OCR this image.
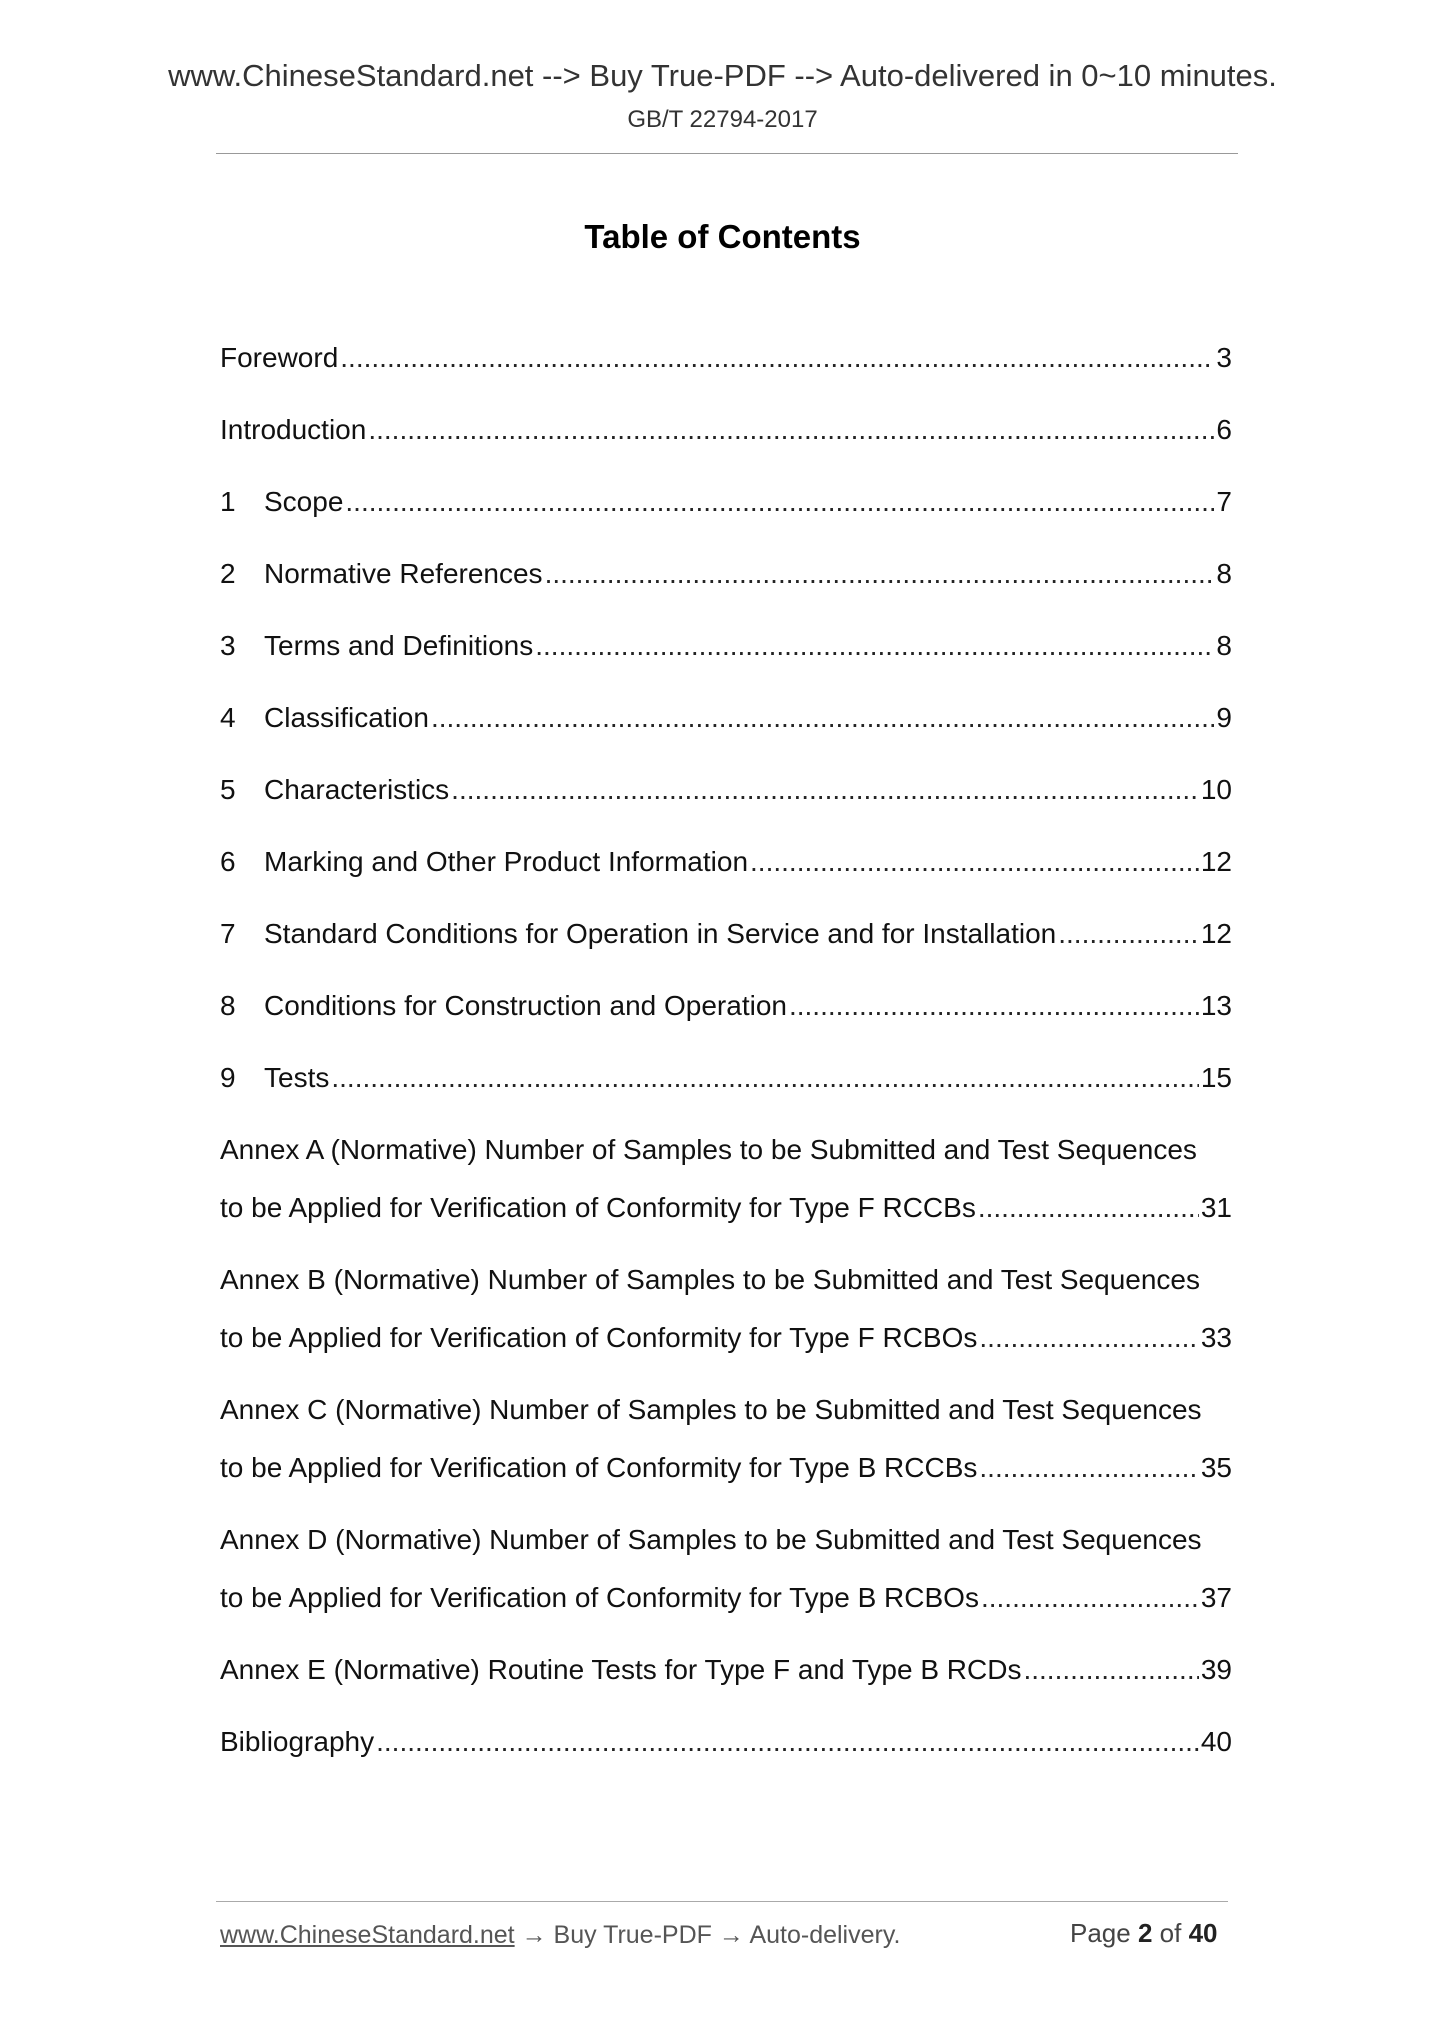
www.ChineseStandard.net --> Buy True-PDF --> Auto-delivered in 0~10 minutes.
GB/T 22794-2017
Table of Contents
Foreword .....	3
Introduction .....	6
1	Scope .....	7
2	Normative References .....	8
3	Terms and Definitions .....	8
4	Classification .....	9
5	Characteristics .....	10
6	Marking and Other Product Information .....	12
7	Standard Conditions for Operation in Service and for Installation .....	12
8	Conditions for Construction and Operation .....	13
9	Tests .....	15
Annex A (Normative) Number of Samples to be Submitted and Test Sequences
to be Applied for Verification of Conformity for Type F RCCBs .....	31
Annex B (Normative) Number of Samples to be Submitted and Test Sequences
to be Applied for Verification of Conformity for Type F RCBOs .....	33
Annex C (Normative) Number of Samples to be Submitted and Test Sequences
to be Applied for Verification of Conformity for Type B RCCBs .....	35
Annex D (Normative) Number of Samples to be Submitted and Test Sequences
to be Applied for Verification of Conformity for Type B RCBOs .....	37
Annex E (Normative) Routine Tests for Type F and Type B RCDs .....	39
Bibliography .....	40
www.ChineseStandard.net → Buy True-PDF → Auto-delivery.	Page 2 of 40
